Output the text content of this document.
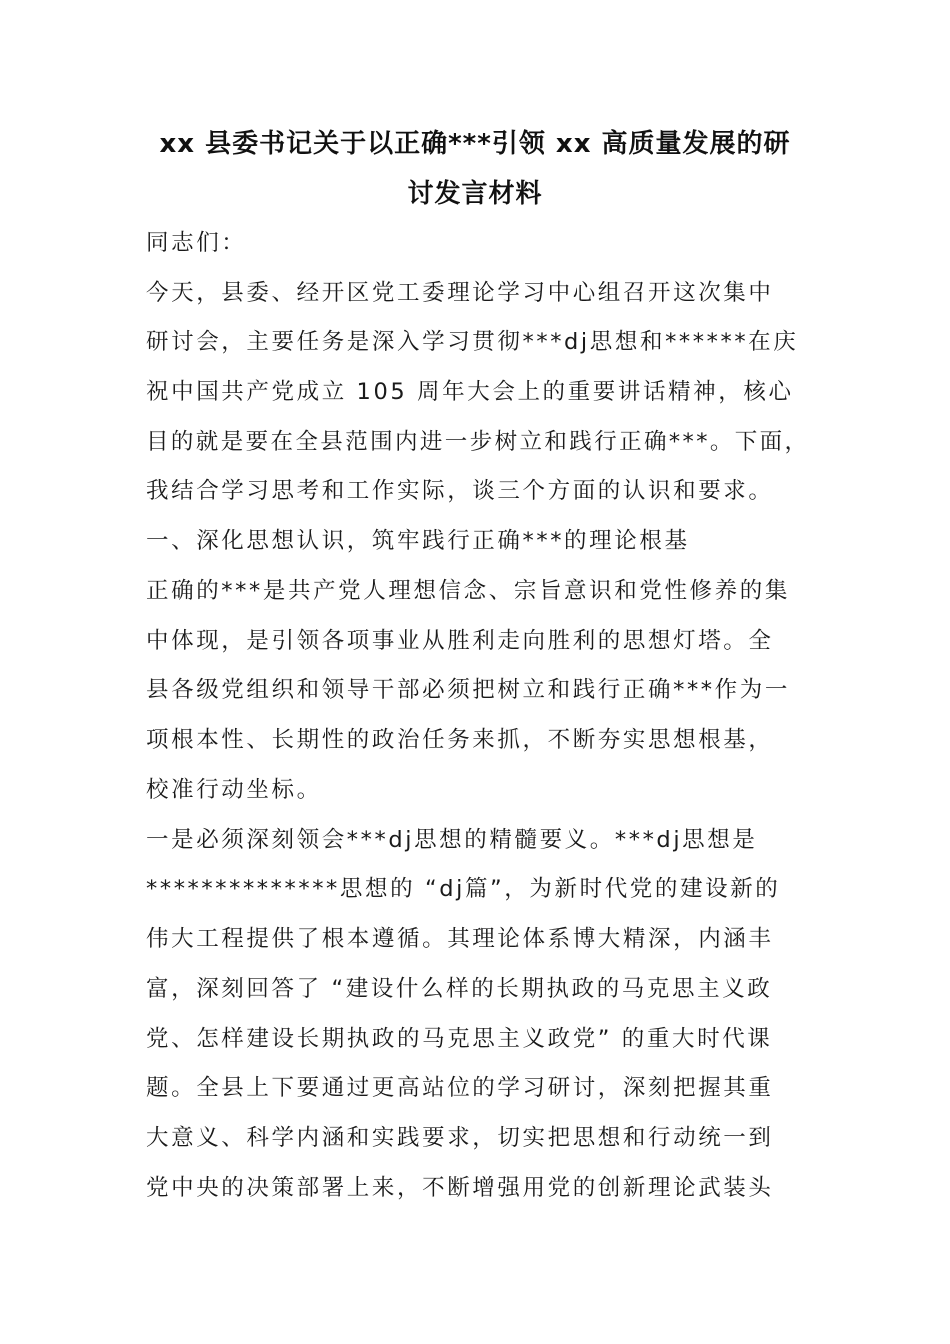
xx 县委书记关于以正确***引领 xx 高质量发展的研
讨发言材料
同志们：
今天，县委、经开区党工委理论学习中心组召开这次集中
研讨会，主要任务是深入学习贯彻***dj思想和******在庆
祝中国共产党成立 105 周年大会上的重要讲话精神，核心
目的就是要在全县范围内进一步树立和践行正确***。下面，
我结合学习思考和工作实际，谈三个方面的认识和要求。
一、深化思想认识，筑牢践行正确***的理论根基
正确的***是共产党人理想信念、宗旨意识和党性修养的集
中体现，是引领各项事业从胜利走向胜利的思想灯塔。全
县各级党组织和领导干部必须把树立和践行正确***作为一
项根本性、长期性的政治任务来抓，不断夯实思想根基，
校准行动坐标。
一是必须深刻领会***dj思想的精髓要义。***dj思想是
**************思想的 “dj篇”，为新时代党的建设新的
伟大工程提供了根本遵循。其理论体系博大精深，内涵丰
富，深刻回答了 “建设什么样的长期执政的马克思主义政
党、怎样建设长期执政的马克思主义政党” 的重大时代课
题。全县上下要通过更高站位的学习研讨，深刻把握其重
大意义、科学内涵和实践要求，切实把思想和行动统一到
党中央的决策部署上来，不断增强用党的创新理论武装头
